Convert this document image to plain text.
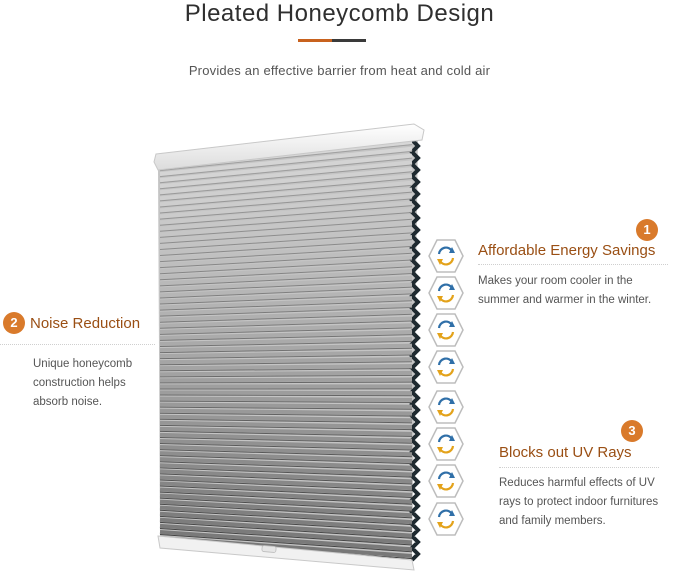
Pleated Honeycomb Design
Provides an effective barrier from heat and cold air
1
Affordable Energy Savings
Makes your room cooler in the summer and warmer in the winter.
2 Noise Reduction
Unique honeycomb construction helps absorb noise.
3
Blocks out UV Rays
Reduces harmful effects of UV rays to protect indoor furnitures and family members.
